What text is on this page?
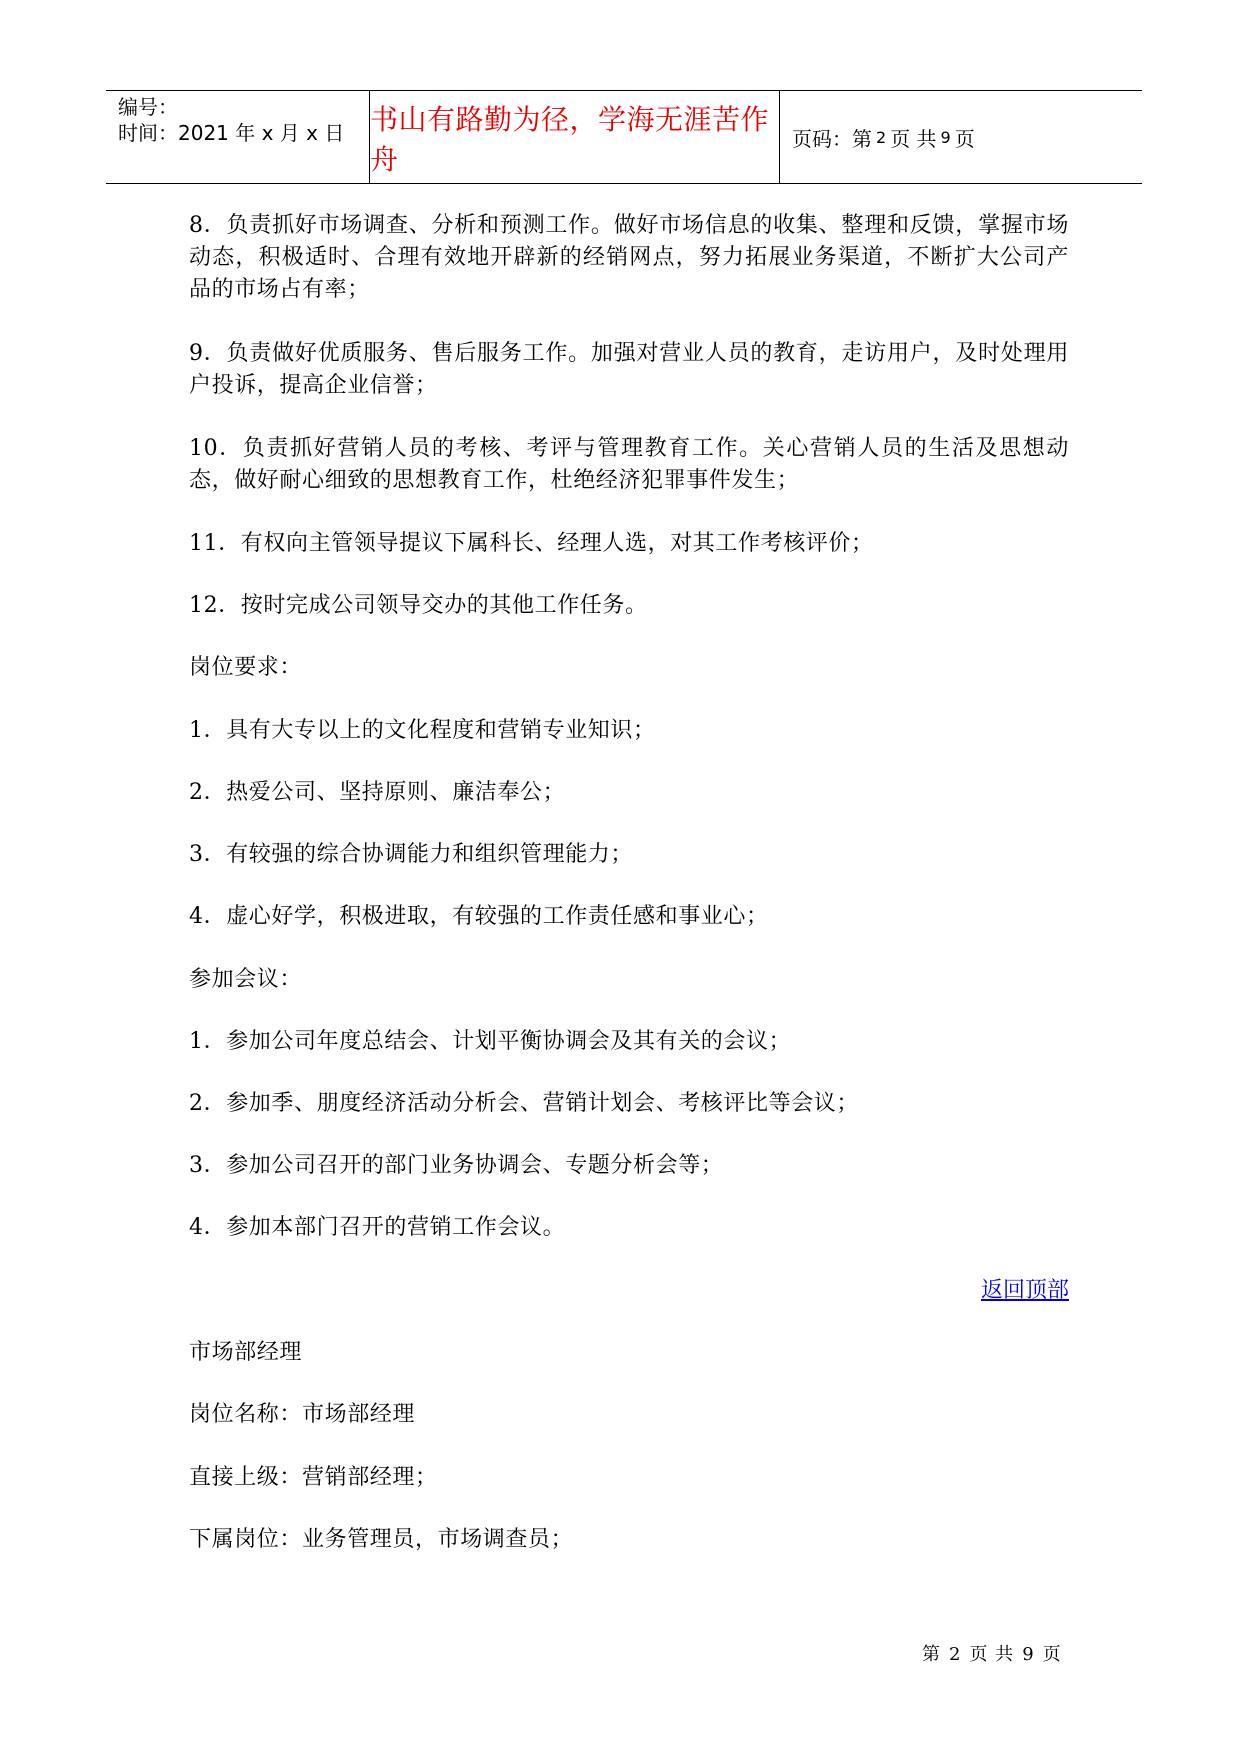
编号：
时间：2021 年 x 月 x 日 书山有路勤为径，学海无涯苦作舟
页码：第 2 页 共 9 页

8．负责抓好市场调查、分析和预测工作。做好市场信息的收集、整理和反馈，掌握市场动态，积极适时、合理有效地开辟新的经销网点，努力拓展业务渠道，不断扩大公司产品的市场占有率；

9．负责做好优质服务、售后服务工作。加强对营业人员的教育，走访用户，及时处理用户投诉，提高企业信誉；

10．负责抓好营销人员的考核、考评与管理教育工作。关心营销人员的生活及思想动态，做好耐心细致的思想教育工作，杜绝经济犯罪事件发生；

11．有权向主管领导提议下属科长、经理人选，对其工作考核评价；

12．按时完成公司领导交办的其他工作任务。

岗位要求：

1．具有大专以上的文化程度和营销专业知识；

2．热爱公司、坚持原则、廉洁奉公；

3．有较强的综合协调能力和组织管理能力；

4．虚心好学，积极进取，有较强的工作责任感和事业心；

参加会议：

1．参加公司年度总结会、计划平衡协调会及其有关的会议；

2．参加季、朋度经济活动分析会、营销计划会、考核评比等会议；

3．参加公司召开的部门业务协调会、专题分析会等；

4．参加本部门召开的营销工作会议。

返回顶部

市场部经理

岗位名称：市场部经理

直接上级：营销部经理；

下属岗位：业务管理员，市场调查员；

第 2 页 共 9 页
